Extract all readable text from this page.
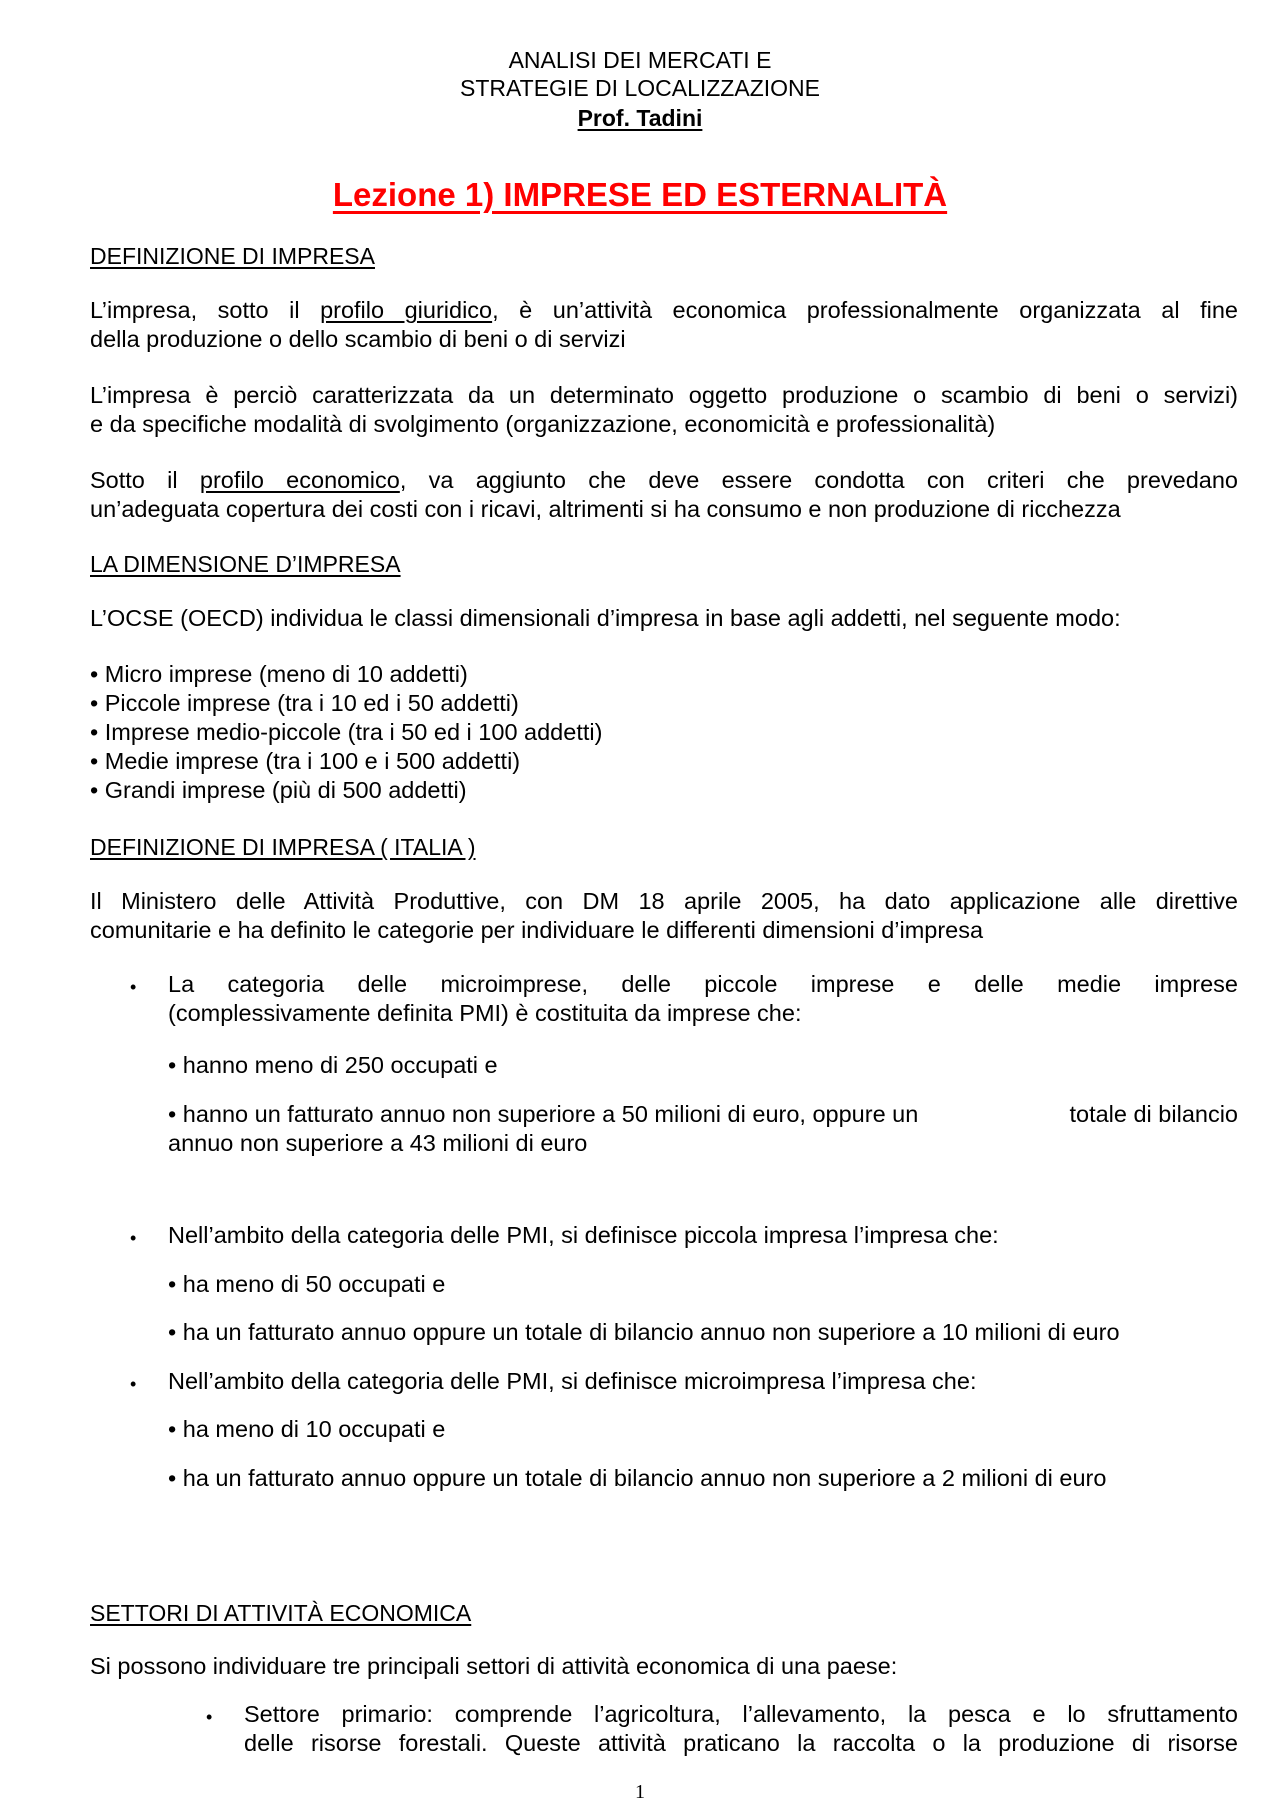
ANALISI DEI MERCATI E
STRATEGIE DI LOCALIZZAZIONE
Prof. Tadini
Lezione 1) IMPRESE ED ESTERNALITÀ
DEFINIZIONE DI IMPRESA
L’impresa, sotto il profilo giuridico, è un’attività economica professionalmente organizzata al fine
della produzione o dello scambio di beni o di servizi
L’impresa è perciò caratterizzata da un determinato oggetto produzione o scambio di beni o servizi)
e da specifiche modalità di svolgimento (organizzazione, economicità e professionalità)
Sotto il profilo economico, va aggiunto che deve essere condotta con criteri che prevedano
un’adeguata copertura dei costi con i ricavi, altrimenti si ha consumo e non produzione di ricchezza
LA DIMENSIONE D’IMPRESA
L’OCSE (OECD) individua le classi dimensionali d’impresa in base agli addetti, nel seguente modo:
• Micro imprese (meno di 10 addetti)
• Piccole imprese (tra i 10 ed i 50 addetti)
• Imprese medio-piccole (tra i 50 ed i 100 addetti)
• Medie imprese (tra i 100 e i 500 addetti)
• Grandi imprese (più di 500 addetti)
DEFINIZIONE DI IMPRESA ( ITALIA )
Il Ministero delle Attività Produttive, con DM 18 aprile 2005, ha dato applicazione alle direttive
comunitarie e ha definito le categorie per individuare le differenti dimensioni d’impresa
• La categoria delle microimprese, delle piccole imprese e delle medie imprese
(complessivamente definita PMI) è costituita da imprese che:
• hanno meno di 250 occupati e
• hanno un fatturato annuo non superiore a 50 milioni di euro, oppure un	totale di bilancio
annuo non superiore a 43 milioni di euro
• Nell’ambito della categoria delle PMI, si definisce piccola impresa l’impresa che:
• ha meno di 50 occupati e
• ha un fatturato annuo oppure un totale di bilancio annuo non superiore a 10 milioni di euro
• Nell’ambito della categoria delle PMI, si definisce microimpresa l’impresa che:
• ha meno di 10 occupati e
• ha un fatturato annuo oppure un totale di bilancio annuo non superiore a 2 milioni di euro
SETTORI DI ATTIVITÀ ECONOMICA
Si possono individuare tre principali settori di attività economica di una paese:
• Settore primario: comprende l’agricoltura, l’allevamento, la pesca e lo sfruttamento
delle risorse forestali. Queste attività praticano la raccolta o la produzione di risorse
1
